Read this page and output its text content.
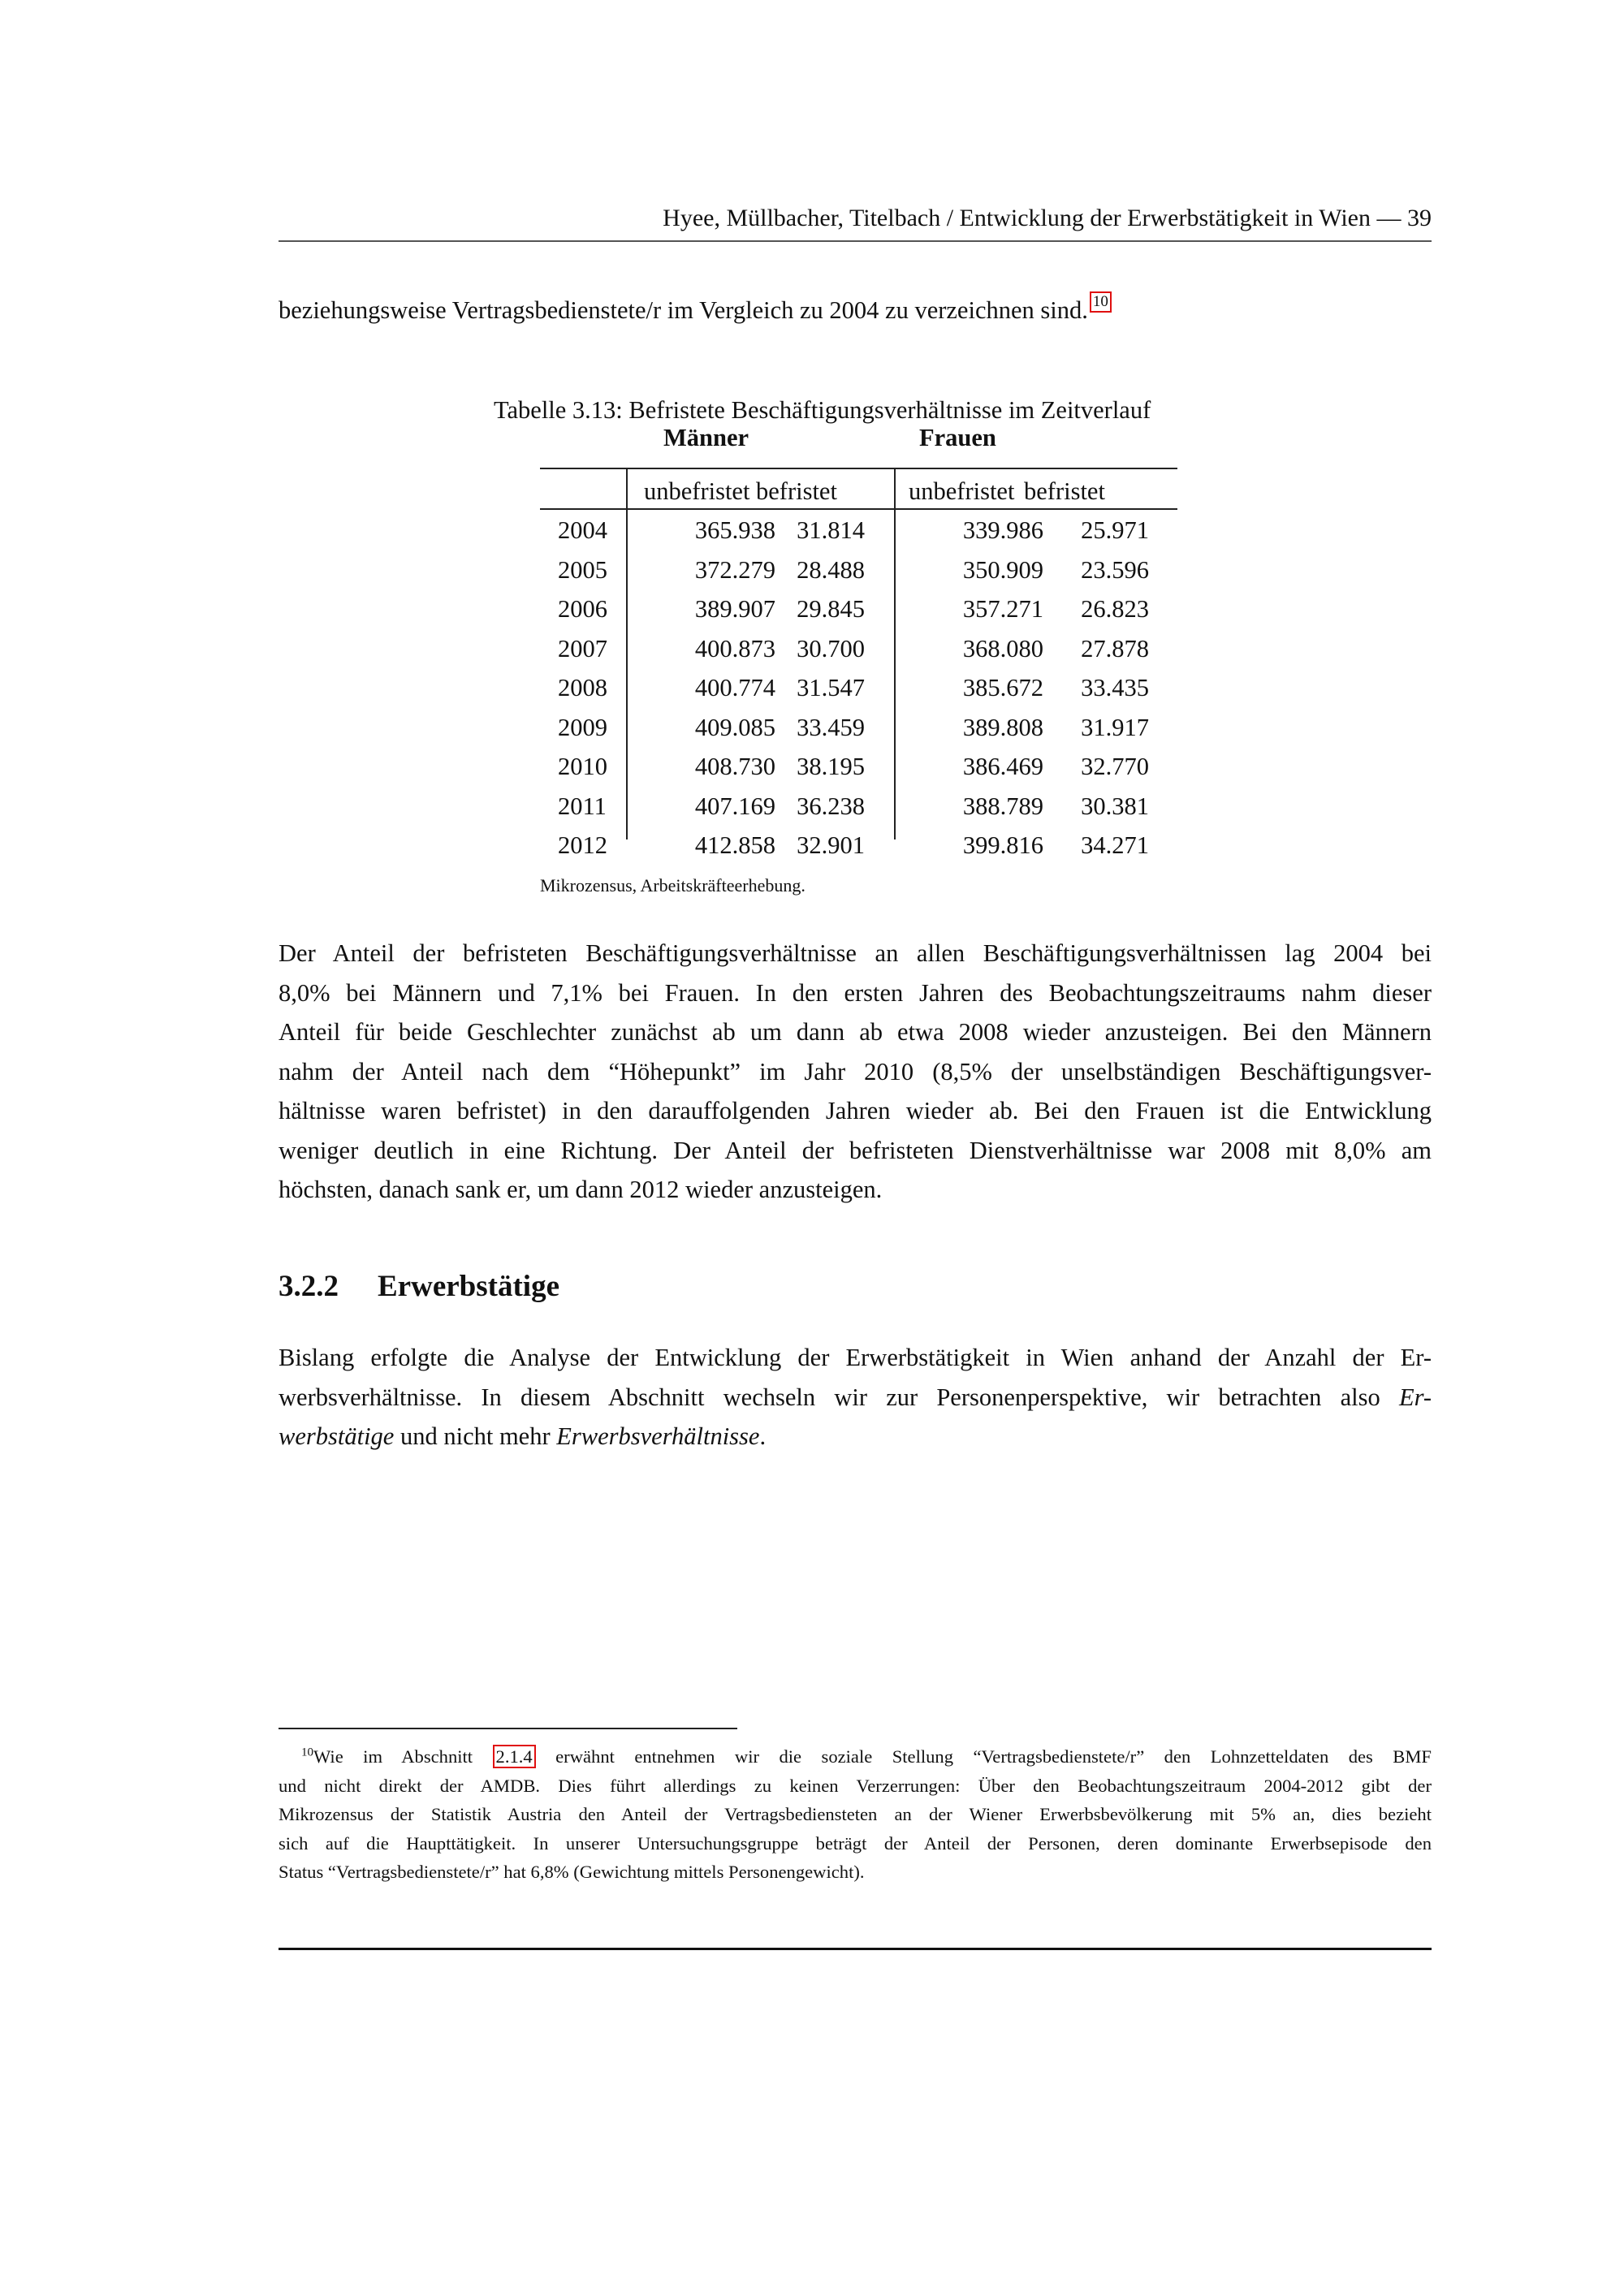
Hyee, Müllbacher, Titelbach / Entwicklung der Erwerbstätigkeit in Wien — 39

beziehungsweise Vertragsbedienstete/r im Vergleich zu 2004 zu verzeichnen sind. 10

Tabelle 3.13: Befristete Beschäftigungsverhältnisse im Zeitverlauf
Männer	Frauen
unbefristet befristet	unbefristet befristet
2004	365.938 31.814	339.986 25.971
2005	372.279 28.488	350.909 23.596
2006	389.907 29.845	357.271 26.823
2007	400.873 30.700	368.080 27.878
2008	400.774 31.547	385.672 33.435
2009	409.085 33.459	389.808 31.917
2010	408.730 38.195	386.469 32.770
2011	407.169 36.238	388.789 30.381
2012	412.858 32.901	399.816 34.271
Mikrozensus, Arbeitskräfteerhebung.

Der Anteil der befristeten Beschäftigungsverhältnisse an allen Beschäftigungsverhältnissen lag 2004 bei
8,0% bei Männern und 7,1% bei Frauen. In den ersten Jahren des Beobachtungszeitraums nahm dieser
Anteil für beide Geschlechter zunächst ab um dann ab etwa 2008 wieder anzusteigen. Bei den Männern
nahm der Anteil nach dem “Höhepunkt” im Jahr 2010 (8,5% der unselbständigen Beschäftigungsver-
hältnisse waren befristet) in den darauffolgenden Jahren wieder ab. Bei den Frauen ist die Entwicklung
weniger deutlich in eine Richtung. Der Anteil der befristeten Dienstverhältnisse war 2008 mit 8,0% am
höchsten, danach sank er, um dann 2012 wieder anzusteigen.

3.2.2 Erwerbstätige

Bislang erfolgte die Analyse der Entwicklung der Erwerbstätigkeit in Wien anhand der Anzahl der Er-
werbsverhältnisse. In diesem Abschnitt wechseln wir zur Personenperspektive, wir betrachten also Er-
werbstätige und nicht mehr Erwerbsverhältnisse.

$^{10}$Wie im Abschnitt 2.1.4 erwähnt entnehmen wir die soziale Stellung “Vertragsbedienstete/r” den Lohnzetteldaten des BMF
und nicht direkt der AMDB. Dies führt allerdings zu keinen Verzerrungen: Über den Beobachtungszeitraum 2004-2012 gibt der
Mikrozensus der Statistik Austria den Anteil der Vertragsbediensteten an der Wiener Erwerbsbevölkerung mit 5% an, dies bezieht
sich auf die Haupttätigkeit. In unserer Untersuchungsgruppe beträgt der Anteil der Personen, deren dominante Erwerbsepisode den
Status “Vertragsbedienstete/r” hat 6,8% (Gewichtung mittels Personengewicht).
